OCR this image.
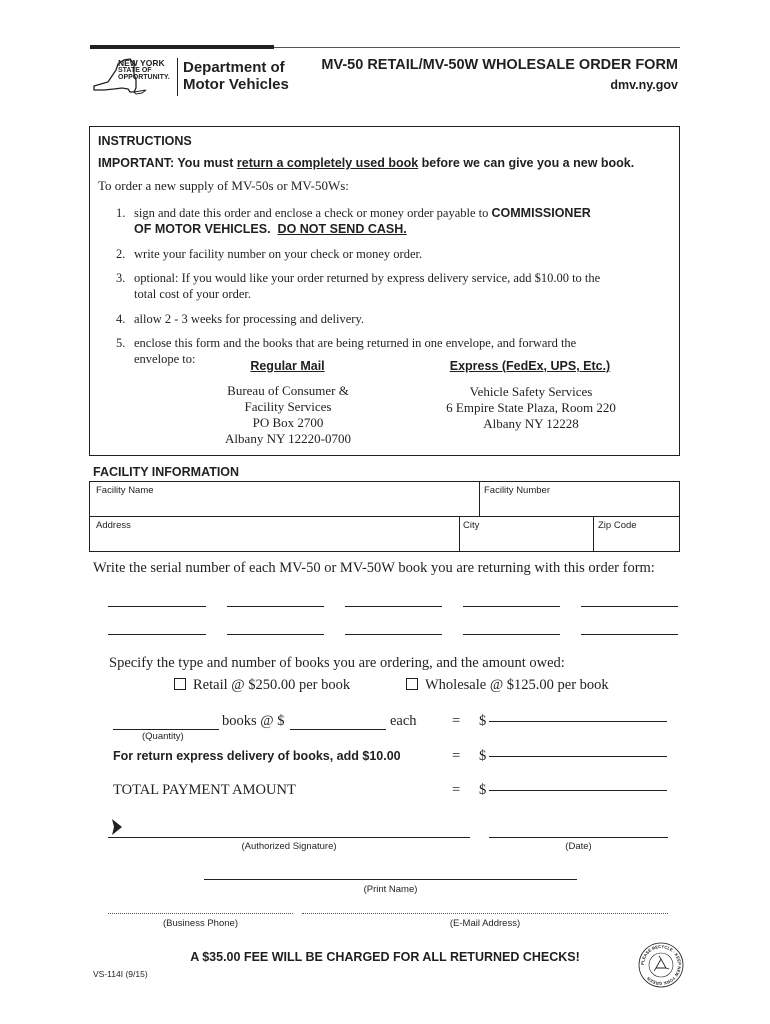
NEW YORK
STATE OF
OPPORTUNITY.
Department of
Motor Vehicles
MV-50 RETAIL/MV-50W WHOLESALE ORDER FORM
dmv.ny.gov
INSTRUCTIONS
IMPORTANT: You must return a completely used book before we can give you a new book.
To order a new supply of MV-50s or MV-50Ws:
1. sign and date this order and enclose a check or money order payable to COMMISSIONER
OF MOTOR VEHICLES. DO NOT SEND CASH.
2. write your facility number on your check or money order.
3. optional: If you would like your order returned by express delivery service, add $10.00 to the
total cost of your order.
4. allow 2 - 3 weeks for processing and delivery.
5. enclose this form and the books that are being returned in one envelope, and forward the
envelope to:	Regular Mail
Bureau of Consumer &
Facility Services
PO Box 2700
Albany NY 12220-0700
Express (FedEx, UPS, Etc.)
Vehicle Safety Services
6 Empire State Plaza, Room 220
Albany NY 12228
FACILITY INFORMATION
Facility Name	Facility Number
Address	City	Zip Code
Write the serial number of each MV-50 or MV-50W book you are returning with this order form:
Specify the type and number of books you are ordering, and the amount owed:
Retail @ $250.00 per book	Wholesale @ $125.00 per book
books @ $	each = $
(Quantity)
For return express delivery of books, add $10.00	= $
TOTAL PAYMENT AMOUNT	= $
(Authorized Signature)	(Date)
(Print Name)
(Business Phone)	(E-Mail Address)
A $35.00 FEE WILL BE CHARGED FOR ALL RETURNED CHECKS!
VS-114I (9/15)
PLEASE RECYCLE · KEEP NEW YORK GREEN
